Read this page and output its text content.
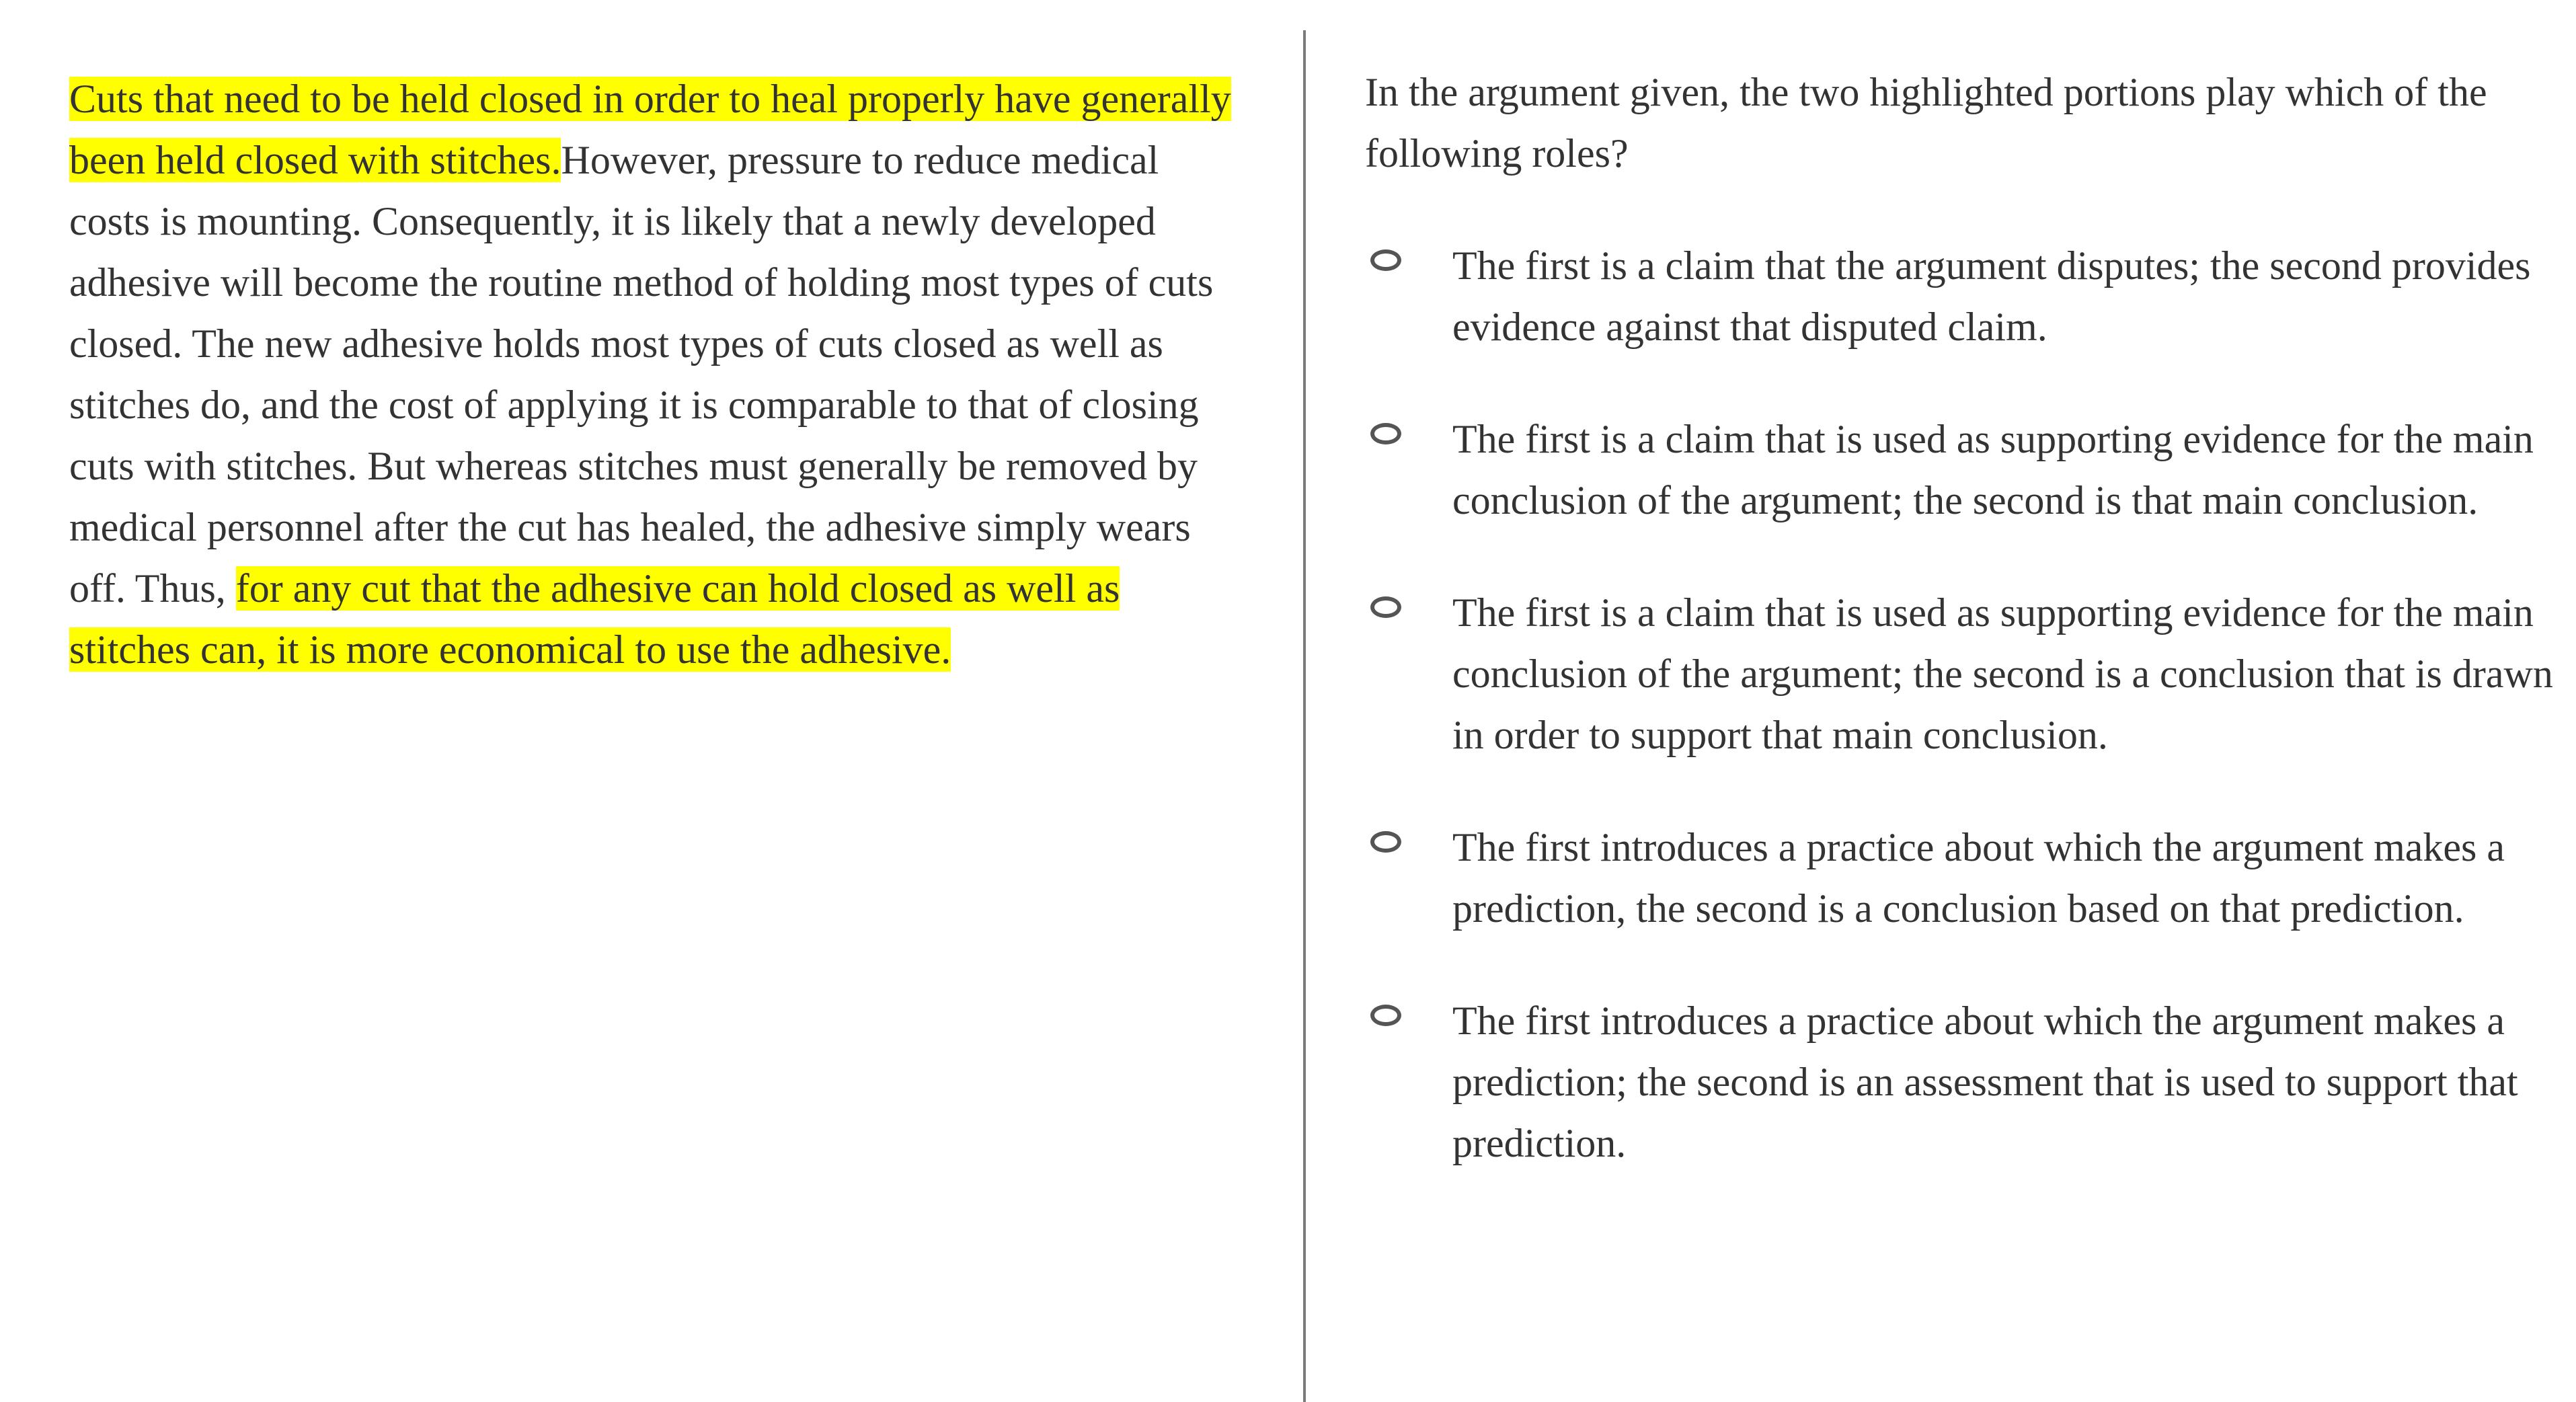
Cuts that need to be held closed in order to heal properly have generally been held closed with stitches.However, pressure to reduce medical costs is mounting. Consequently, it is likely that a newly developed adhesive will become the routine method of holding most types of cuts closed. The new adhesive holds most types of cuts closed as well as stitches do, and the cost of applying it is comparable to that of closing cuts with stitches. But whereas stitches must generally be removed by medical personnel after the cut has healed, the adhesive simply wears off. Thus, for any cut that the adhesive can hold closed as well as stitches can, it is more economical to use the adhesive.

In the argument given, the two highlighted portions play which of the following roles?

The first is a claim that the argument disputes; the second provides evidence against that disputed claim.
The first is a claim that is used as supporting evidence for the main conclusion of the argument; the second is that main conclusion.
The first is a claim that is used as supporting evidence for the main conclusion of the argument; the second is a conclusion that is drawn in order to support that main conclusion.
The first introduces a practice about which the argument makes a prediction, the second is a conclusion based on that prediction.
The first introduces a practice about which the argument makes a prediction; the second is an assessment that is used to support that prediction.
